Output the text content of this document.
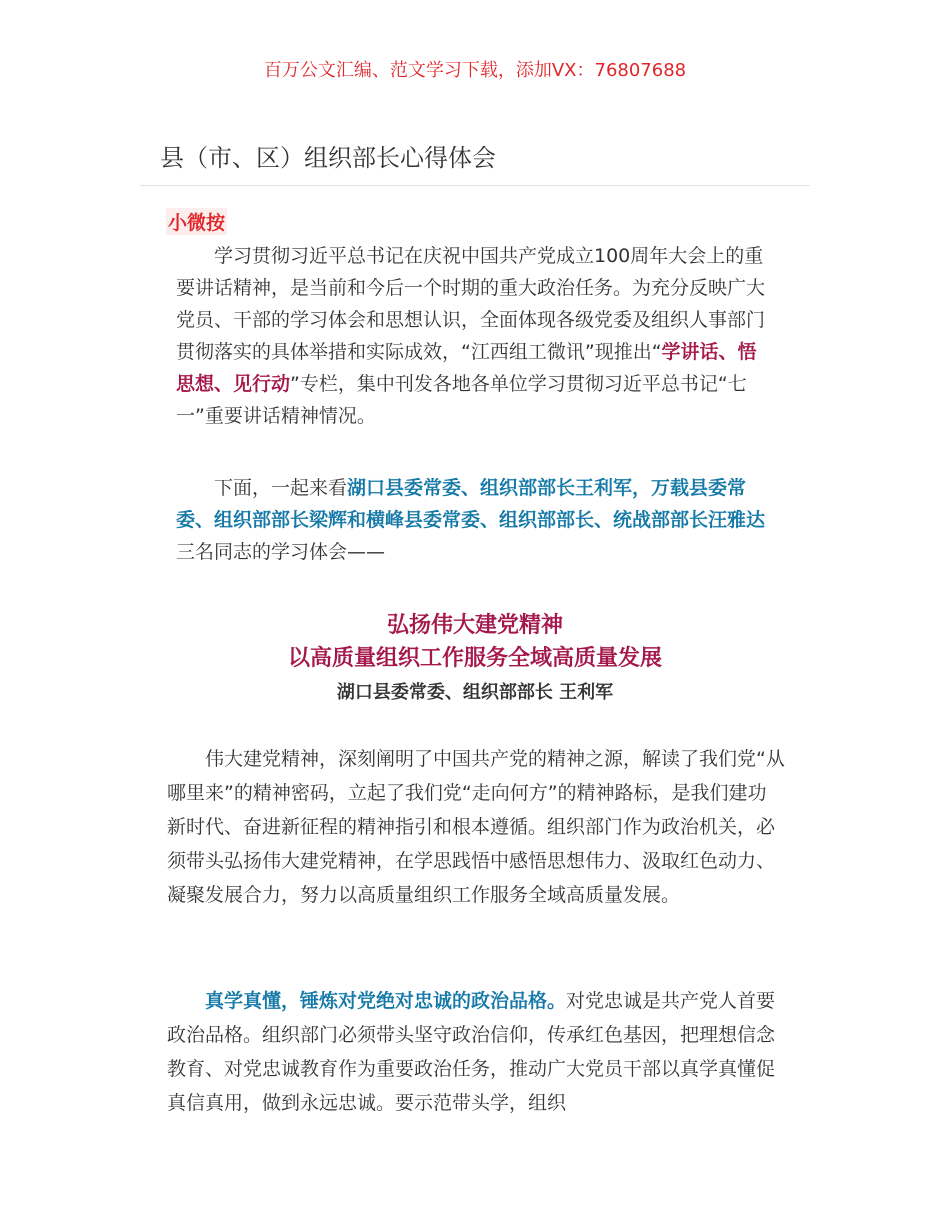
百万公文汇编、范文学习下载，添加VX：76807688
县（市、区）组织部长心得体会
小微按

学习贯彻习近平总书记在庆祝中国共产党成立100周年大会上的重要讲话精神，是当前和今后一个时期的重大政治任务。为充分反映广大党员、干部的学习体会和思想认识，全面体现各级党委及组织人事部门贯彻落实的具体举措和实际成效，“江西组工微讯”现推出“学讲话、悟思想、见行动”专栏，集中刊发各地各单位学习贯彻习近平总书记“七一”重要讲话精神情况。

下面，一起来看湖口县委常委、组织部部长王利军，万载县委常委、组织部部长梁辉和横峰县委常委、组织部部长、统战部部长汪雅达三名同志的学习体会——
弘扬伟大建党精神
以高质量组织工作服务全域高质量发展
湖口县委常委、组织部部长 王利军

伟大建党精神，深刻阐明了中国共产党的精神之源，解读了我们党“从哪里来”的精神密码，立起了我们党“走向何方”的精神路标，是我们建功新时代、奋进新征程的精神指引和根本遵循。组织部门作为政治机关，必须带头弘扬伟大建党精神，在学思践悟中感悟思想伟力、汲取红色动力、凝聚发展合力，努力以高质量组织工作服务全域高质量发展。

真学真懂，锤炼对党绝对忠诚的政治品格。对党忠诚是共产党人首要政治品格。组织部门必须带头坚守政治信仰，传承红色基因，把理想信念教育、对党忠诚教育作为重要政治任务，推动广大党员干部以真学真懂促真信真用，做到永远忠诚。要示范带头学，组织
